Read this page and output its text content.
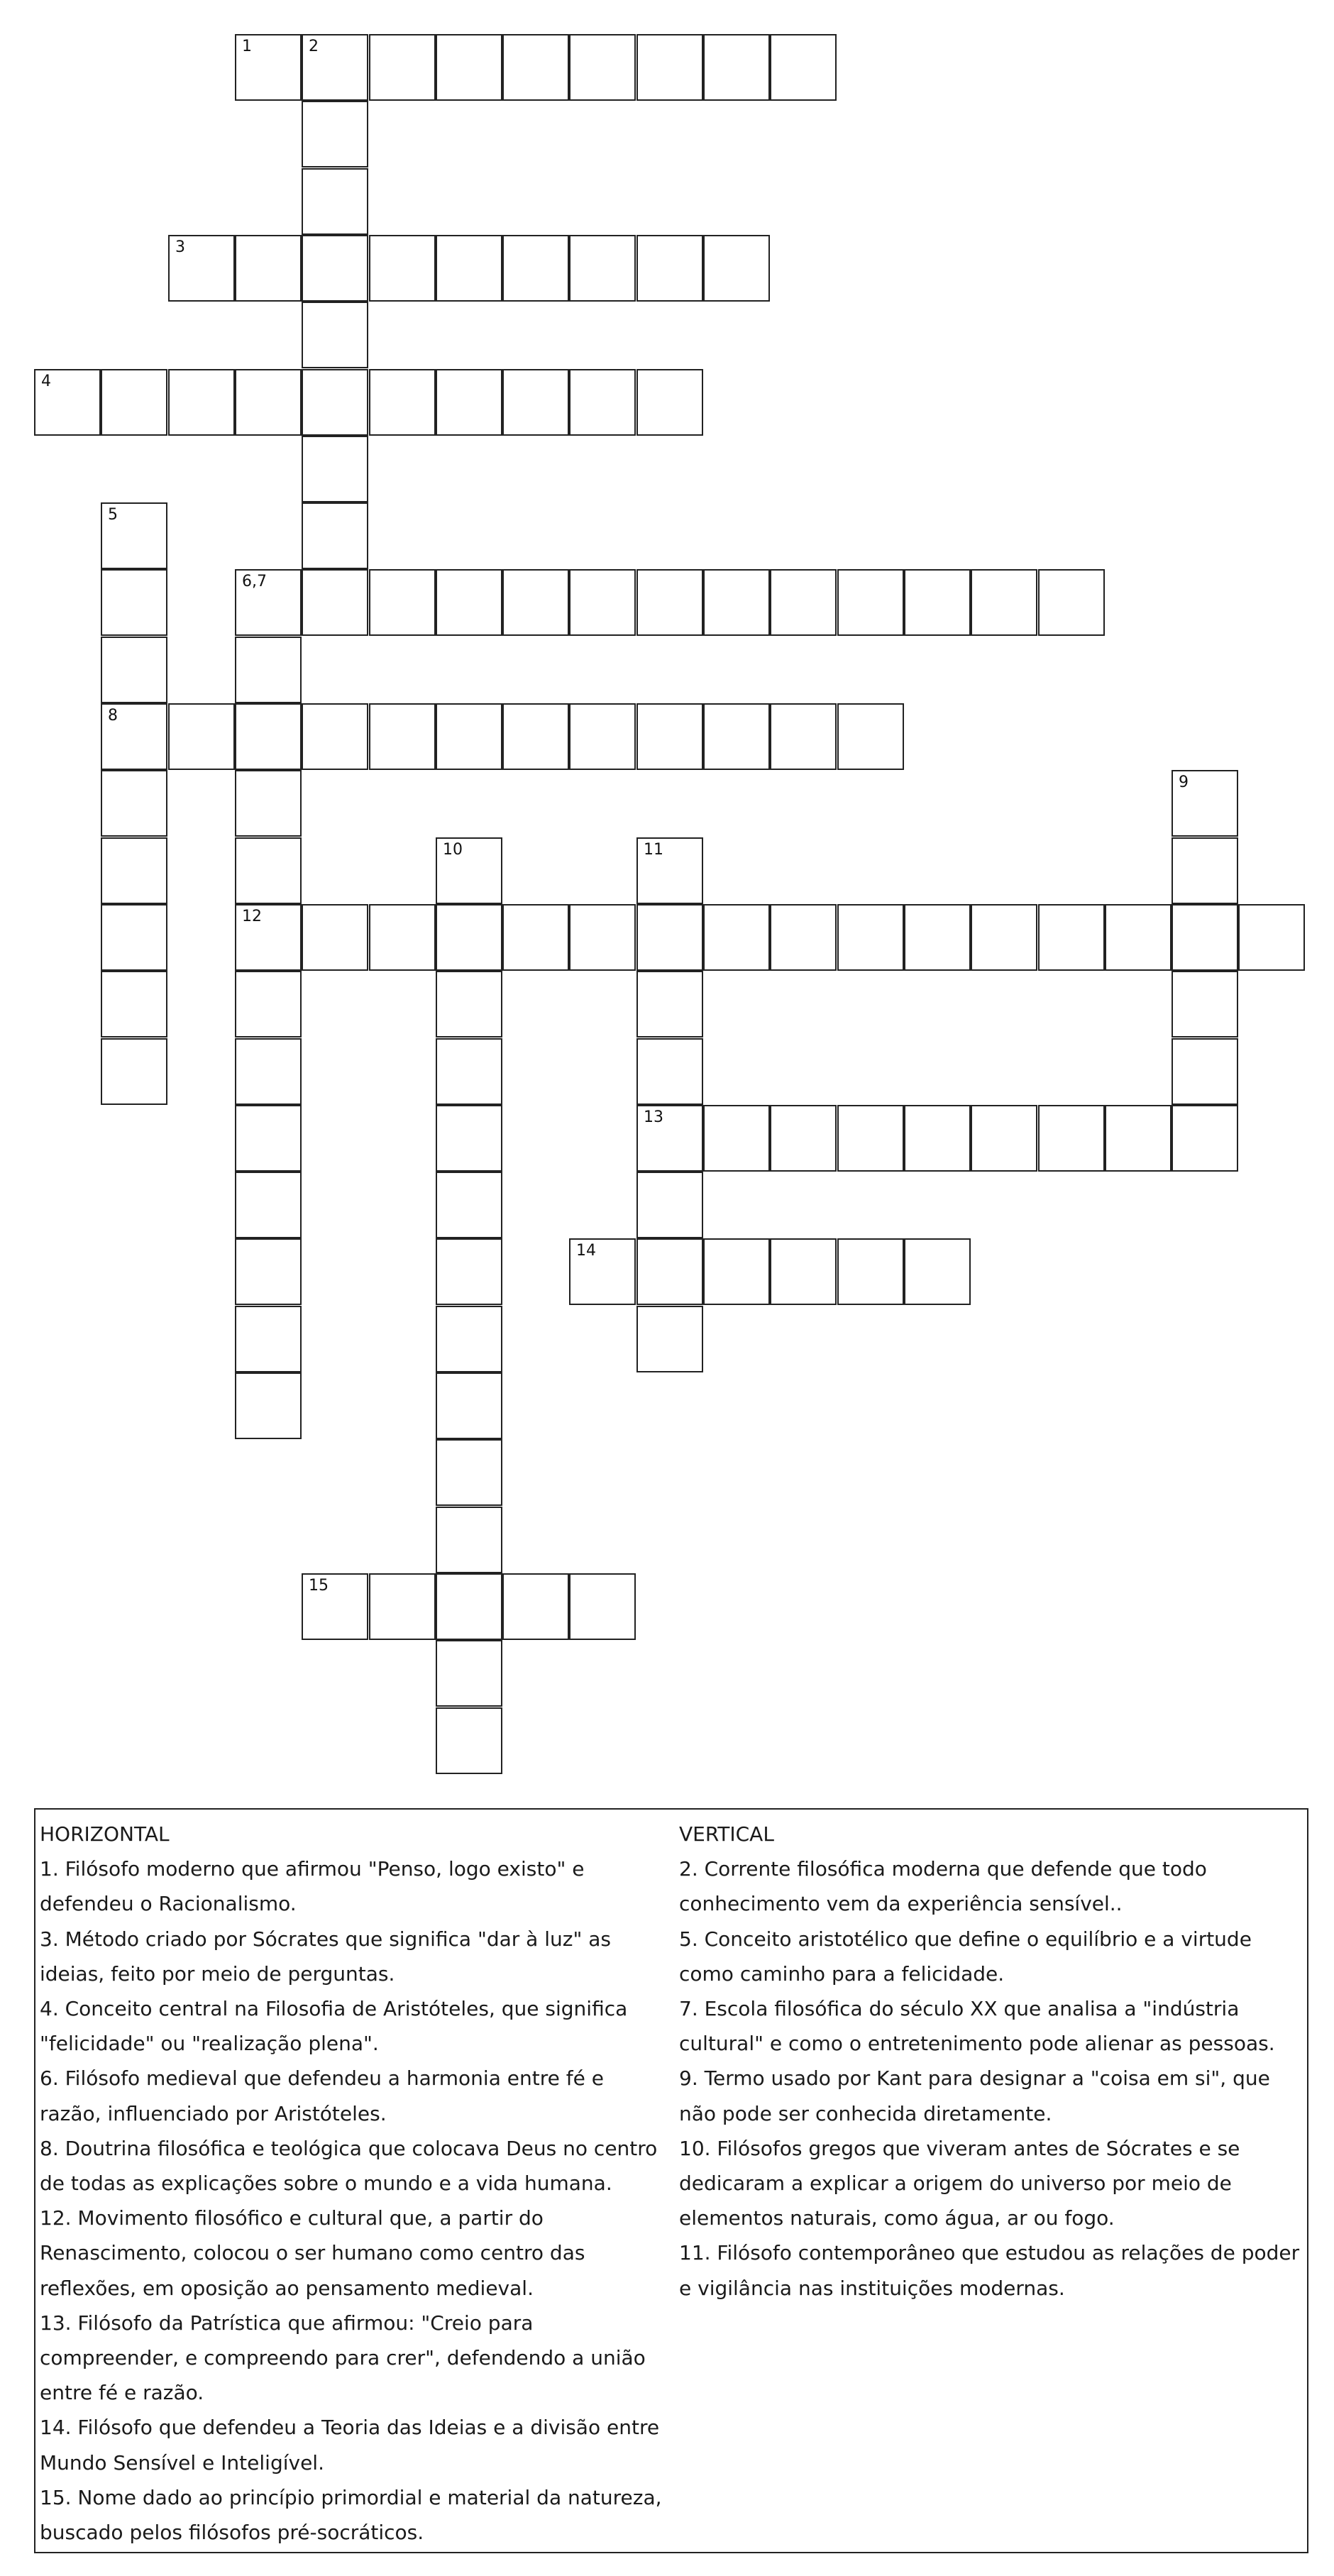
1	2
3
4
5
8
6,7
12
9
10	11
13
14
15
HORIZONTAL
1. Filósofo moderno que afirmou "Penso, logo existo" e defendeu o Racionalismo.
3. Método criado por Sócrates que significa "dar à luz" as ideias, feito por meio de perguntas.
4. Conceito central na Filosofia de Aristóteles, que significa "felicidade" ou "realização plena".
6. Filósofo medieval que defendeu a harmonia entre fé e razão, influenciado por Aristóteles.
8. Doutrina filosófica e teológica que colocava Deus no centro de todas as explicações sobre o mundo e a vida humana.
12. Movimento filosófico e cultural que, a partir do Renascimento, colocou o ser humano como centro das reflexões, em oposição ao pensamento medieval.
13. Filósofo da Patrística que afirmou: "Creio para compreender, e compreendo para crer", defendendo a união entre fé e razão.
14. Filósofo que defendeu a Teoria das Ideias e a divisão entre Mundo Sensível e Inteligível.
15. Nome dado ao princípio primordial e material da natureza, buscado pelos filósofos pré-socráticos.
VERTICAL
2. Corrente filosófica moderna que defende que todo conhecimento vem da experiência sensível..
5. Conceito aristotélico que define o equilíbrio e a virtude como caminho para a felicidade.
7. Escola filosófica do século XX que analisa a "indústria cultural" e como o entretenimento pode alienar as pessoas.
9. Termo usado por Kant para designar a "coisa em si", que não pode ser conhecida diretamente.
10. Filósofos gregos que viveram antes de Sócrates e se dedicaram a explicar a origem do universo por meio de elementos naturais, como água, ar ou fogo.
11. Filósofo contemporâneo que estudou as relações de poder e vigilância nas instituições modernas.
